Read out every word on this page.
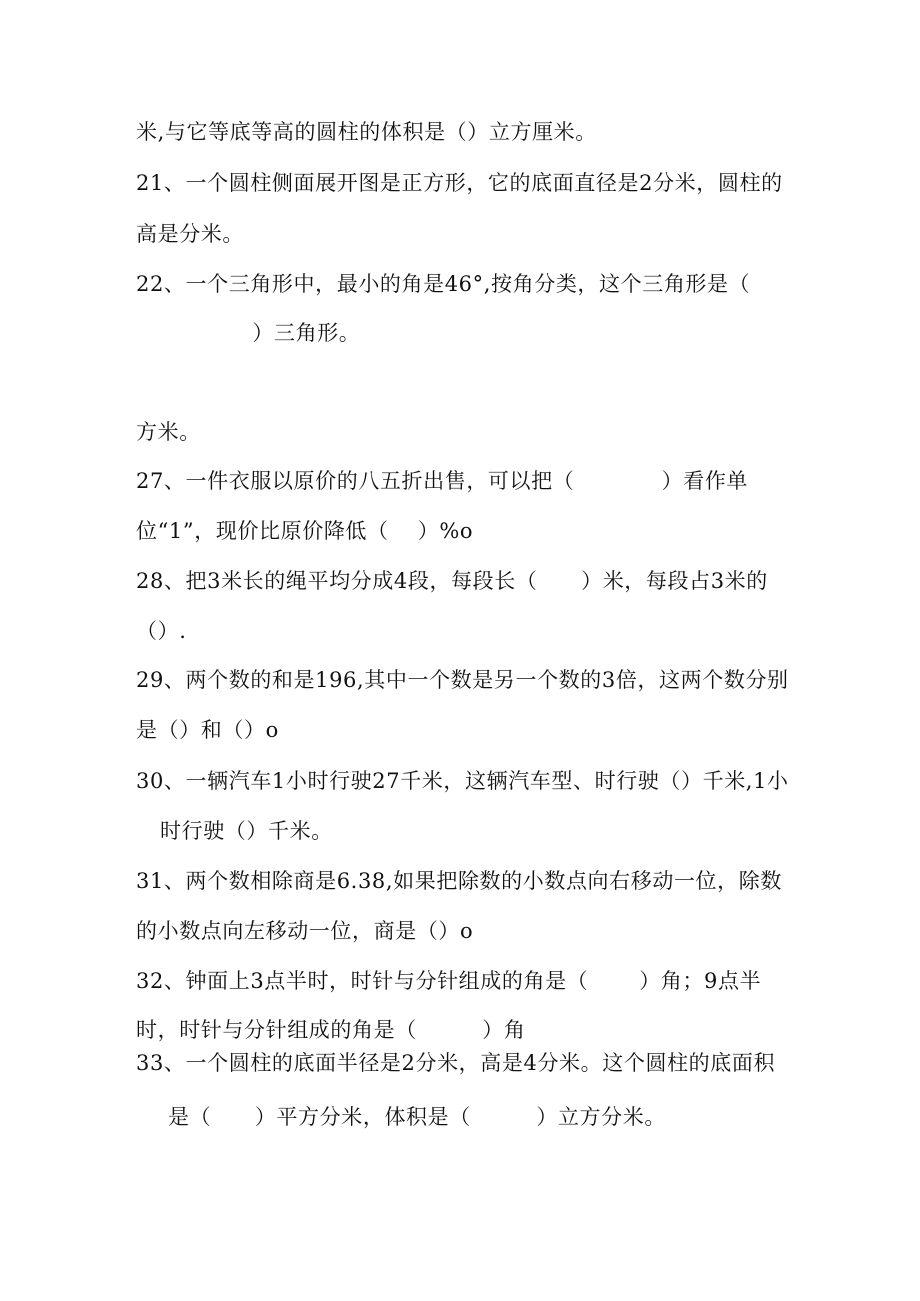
米,与它等底等高的圆柱的体积是（）立方厘米。
21、一个圆柱侧面展开图是正方形，它的底面直径是2分米，圆柱的
高是分米。
22、一个三角形中，最小的角是46°,按角分类，这个三角形是（
）三角形。
方米。
27、一件衣服以原价的八五折出售，可以把（            ）看作单
位“1”，现价比原价降低（    ）%o
28、把3米长的绳平均分成4段，每段长（      ）米，每段占3米的
（）.
29、两个数的和是196,其中一个数是另一个数的3倍，这两个数分别
是（）和（）o
30、一辆汽车1小时行驶27千米，这辆汽车型、时行驶（）千米,1小
时行驶（）千米。
31、两个数相除商是6.38,如果把除数的小数点向右移动一位，除数
的小数点向左移动一位，商是（）o
32、钟面上3点半时，时针与分针组成的角是（       ）角；9点半
时，时针与分针组成的角是（         ）角
33、一个圆柱的底面半径是2分米，高是4分米。这个圆柱的底面积
是（      ）平方分米，体积是（         ）立方分米。
